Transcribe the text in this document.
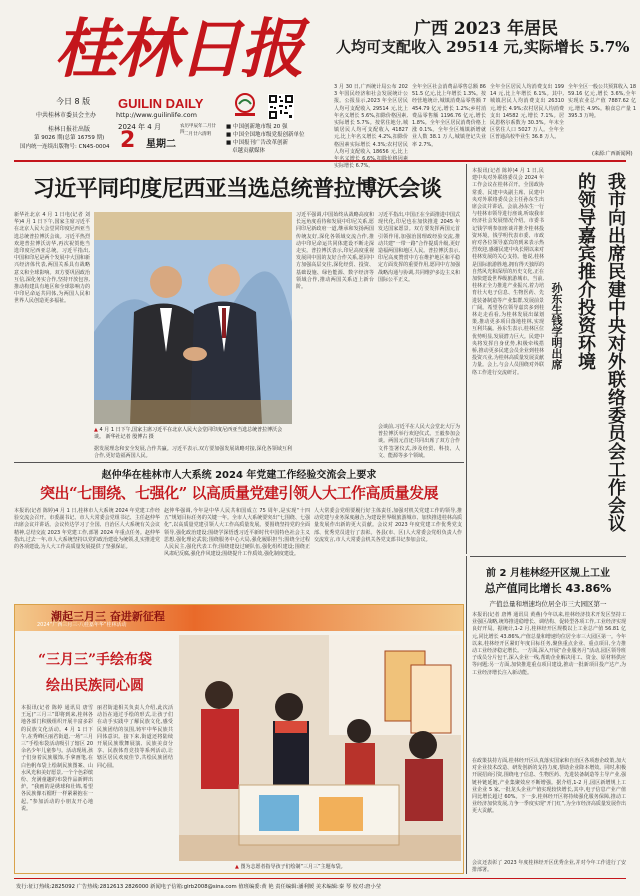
桂林日报
今日 8 版
中共桂林市委员会主办
桂林日报社出版
第 9026 期(总第 16759 期)
国内统一连续出版物号: CN45-0004
GUILIN DAILY
http://www.guilinlife.com
2024 年 4 月
2 星期二
农历甲辰年二月廿四 二月廿六清明
■ 中国创新地市级 20 强
■ 中国全国地市级党报创新单位
■ 中国报刊广告改革创新
卓越贡献媒体
广西 2023 年居民
人均可支配收入 29514 元,实际增长 5.7%
3 月 30 日,广西统计局公布 2023 年国民经济和社会发展统计公报。公报显示,2023 年全区居民人均可支配收入 29514 元,比上年名义增长 5.6%,扣除价格因素,实际增长 5.7%。按常住地分,城镇居民人均可支配收入 41827 元,比上年名义增长 4.2%,扣除价格因素实际增长 4.3%;农村居民人均可支配收入 18656 元,比上 实际增长 6.7%。
全年全区社会消费品零售总额 8651.5 亿元,比上年增长 1.3%。按经营地统计,城镇消费品零售额 7454.79 亿元,增长 1.2%;乡村消费品零售额 1196.76 亿元,增长 1.8%。全年全区居民消费价格上涨 0.1%。全年全区城镇新增就业人数 38.1 万人,城镇登记失业率 2.7%。
全年全区居民人均消费支出 19914 元,比上年增长 6.1%。其中,城镇居民人均消费支出 26310 元,增长 4.9%;农村居民人均消费支出 14582 元,增长 7.1%。居民恩格尔系数为 30.3%。年末全区常住人口 5027 万人。全年全区普通高校毕业生 36.8 万人。
全年全区一般公共预算收入 1859.16 亿元,增长 3.6%,全年实现农业总产值 7887.62 亿元,增长 4.9%。粮食总产量 1395.3 万吨。
(来源:广西新闻网)
习近平同印度尼西亚当选总统普拉博沃会谈
新华社北京 4 月 1 日电(记者 刘华)4 月 1 日下午,国家主席习近平在北京人民大会堂同印度尼西亚当选总统普拉博沃会谈。习近平热烈欢迎普拉博沃访华,再次祝贺他当选印度尼西亚总统。习近平指出,中国和印尼是两个发展中大国和新兴经济体代表,两国关系具有战略意义和全球影响。双方要巩固政治互信,深化务实合作,坚持开放包容,推动构建具有地区和全球影响力的中印尼命运共同体,为两国人民和世界人民创造更多福祉。
▲ 4 月 1 日下午,国家主席习近平在北京人民大会堂同印度尼西亚当选总统普拉博沃会谈。 新华社记者 殷博古 摄
据发展理念和安全发展,合作共赢。习近平表示,双方要加强发展战略对接,深化各领域互利合作,更好造福两国人民。
习近平强调,中国始终从战略高度和长远角度看待和发展中印尼关系,愿同印尼新政府一道,继承和发扬两国传统友好,深化各领域交流合作,推动中印尼命运共同体建设不断走深走实。普拉博沃表示,印尼高度重视发展同中国的友好合作关系,愿同中方加强高层交往,深化经贸、投资、基础设施、绿色能源、数字经济等领域合作,推动两国关系迈上新台阶。
习近平指出,中国正在全面推进中国式现代化,印尼也在加快推进 2045 年发达国家愿景。双方要发挥两国元首引领作用,加强治国理政经验交流,推动共建“一带一路”合作提质升级,更好造福两国和地区人民。普拉博沃表示,印尼高度赞赏中方在维护地区和平稳定方面发挥的重要作用,愿同中方加强战略沟通与协调,共同维护多边主义和国际公平正义。
会谈前,习近平在人民大会堂北大厅为普拉博沃举行欢迎仪式。王毅参加会谈。两国元首还共同出席了双方合作文件签署仪式,涉及经贸、科技、人文、能源等多个领域。	我市向出席民建中央对外联络委员会工作会议的领导嘉宾推介投资环境
孙东生钱学明出席
本报讯(记者 陈婷)4 月 1 日,民建中央对外联络委员会 2024 年工作会议在桂林召开。全国政协常委、民建中央副主席、民建中央对外联络委员会主任孙东生出席会议并讲话。会前,孙东生一行与桂林市领导进行座谈,听取我市经济社会发展情况介绍。市委书记钱学明参加座谈并推介桂林投资环境。钱学明代表市委、市政府对各位领导嘉宾的到来表示热烈欢迎,感谢民建中央长期以来对桂林发展的关心支持。他说,桂林是国际旅游胜地,拥有得天独厚的自然风光和深厚的历史文化,正在加快建设世界级旅游城市。当前,桂林正全力推进产业振兴,着力培育壮大电子信息、生物医药、先进装备制造等产业集群,发展前景广阔。希望各位领导嘉宾多到桂林走走看看,为桂林发展出谋划策,推动更多项目落地桂林,实现互利共赢。孙东生表示,桂林区位优势明显,发展潜力巨大。民建中央将发挥自身优势,积极牵线搭桥,推动更多民建会员企业到桂林投资兴业,为桂林高质量发展贡献力量。会上,与会人员围绕对外联络工作进行交流研讨。
赵仲华在桂林市人大系统 2024 年党建工作经验交流会上要求
突出“七围绕、七强化” 以高质量党建引领人大工作高质量发展
本报讯(记者 陈婷)4 月 1 日,桂林市人大系统 2024 年党建工作经验交流会召开。市委副书记、市人大常委会党组书记、主任赵仲华出席会议并讲话。会议传达学习了全国、自治区人大系统有关会议精神,总结交流 2023 年党建工作,部署 2024 年重点任务。赵仲华指出,过去一年,市人大系统坚持以党的政治建设为统领,扎实推进党的各项建设,为人大工作高质量发展提供了坚强保证。
赵仲华强调,今年是中华人民共和国成立 75 周年,是实现“十四五”规划目标任务的关键一年。全市人大系统要突出“七围绕、七强化”,以高质量党建引领人大工作高质量发展。要围绕坚持党的全面领导,强化政治建设;围绕学深悟透习近平新时代中国特色社会主义思想,强化理论武装;围绕服务中心大局,强化履职担当;围绕全过程人民民主,强化代表工作;围绕建设过硬队伍,强化组织建设;围绕正风肃纪反腐,强化作风建设;围绕提升工作质效,强化制度建设。
人大常委会党组要履行好主体责任,加强对机关党建工作的领导,推动党建与业务深度融合,为建设世界级旅游城市、加快推进桂林高质量发展作出新的更大贡献。会议对 2023 年度党建工作优秀党支部、优秀党员进行了表彰。各县(市、区)人大常委会党组负责人作交流发言,市人大常委会机关各党支部书记参加会议。
潮起三月三 奋进新征程
2024“广西三月三·八桂嘉年华”桂林活动
“三月三”手绘布袋
绘出民族同心圆
本报讯(记者 陈婷 通讯员 唐雪 王远)“三月三”即将到来,桂林各地各部门积极组织开展丰富多彩的民族文化活动。4 月 1 日下午,在秀峰区丽君街道,一场“三月三”手绘布袋活动吸引了辖区 20 余名少年儿童参与。活动现场,孩子们身着民族服饰,手拿画笔,在白色帆布袋上绘制民族图案、山水风光和美好愿景,一个个色彩缤纷、充满童趣的布袋作品新鲜出炉。“我画的是绣球和壮锦,希望各民族像石榴籽一样紧紧抱在一起。”参加活动的小朋友开心地说。
丽君街道相关负责人介绍,此次活动旨在通过手绘的形式,让孩子们在动手实践中了解民族文化,感受民族团结的氛围,铸牢中华民族共同体意识。接下来,街道还将陆续开展民族歌舞展演、民族美食分享、民族体育竞技等系列活动,让辖区居民欢度佳节,共绘民族团结同心圆。
▲ 图为志愿者指导孩子们绘制“三月三”主题布袋。
前 2 月桂林经开区规上工业
总产值同比增长 43.86%
产值总量和增速均位居全市三大园区第一
本报讯(记者 唐博 通讯员 黄燕)今年以来,桂林经济技术开发区坚持工业强区战略,统筹推进稳增长、调结构、促转型各项工作,工业经济实现良好开局。据统计,1-2 月,桂林经开区规模以上工业总产值 56.81 亿元,同比增长 43.86%,产值总量和增速均位居全市三大园区第一。今年以来,桂林经开区紧盯年度目标任务,聚焦重点企业、重点项目,全力推动工业经济稳定增长。一方面,深入开展“企业服务月”活动,园区领导班子成员分片包干,深入企业一线,帮助企业解决用工、资金、原材料供应等问题;另一方面,加快推进重点项目建设,推动一批新项目投产达产,为工业经济增长注入新动能。
在政策扶持方面,桂林经开区认真落实国家和自治区各项惠企政策,加大对企业技术改造、研发创新的支持力度,帮助企业降本增效。同时,积极开展招商引资,围绕电子信息、生物医药、先进装备制造等主导产业,强链补链延链,产业集聚效应不断增强。据介绍,1-2 月,园区新增规上工业企业 5 家,一批龙头企业产值实现较快增长,其中,电子信息产业产值同比增长超过 60%。下一步,桂林经开区将持续强化服务保障,推动工业经济加快发展,力争一季度实现“开门红”,为全市经济高质量发展作出更大贡献。
会议还表彰了 2023 年度桂林经开区优秀企业,并对今年工作进行了安排部署。
发行:征订热线:2825092 广告热线:2812613 2826000 新闻电子信箱:glrb2008@sina.com 值班编委:黄 艳 责任编辑:潘利媛 美术编辑:秦 琴 校对:唐小莹
